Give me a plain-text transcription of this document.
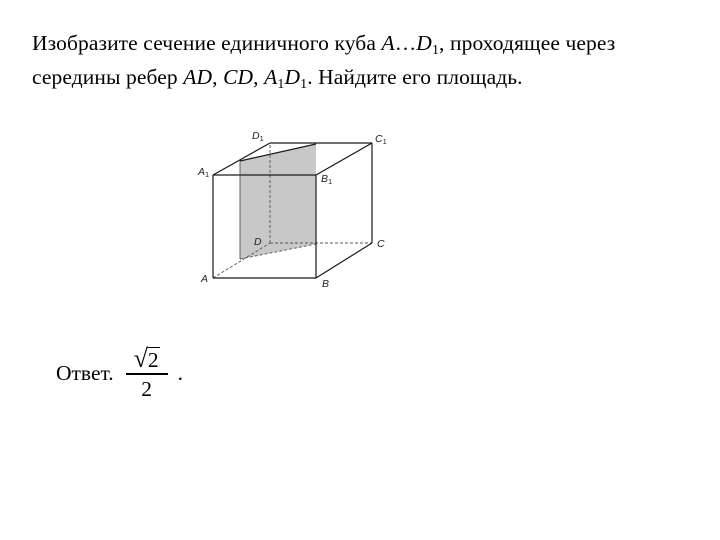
Изобразите сечение единичного куба $A\dots D_1$, проходящее через середины ребер AD, CD, $A_1D_1$. Найдите его площадь.
A	B
C
D
A1	B1
C1
D1
Ответ. $\frac{√ 2}{2}$ .
